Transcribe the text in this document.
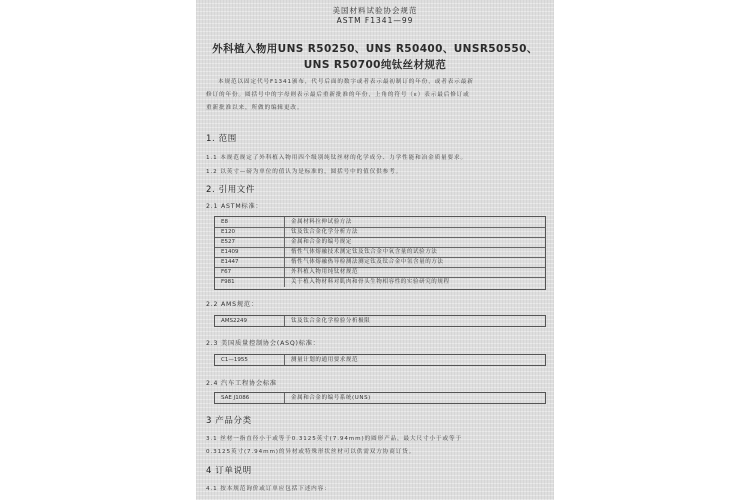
美国材料试验协会规范
ASTM F1341—99
外科植入物用UNS R50250、UNS R50400、UNSR50550、
UNS R50700纯钛丝材规范
本规范以固定代号F1341颁布，代号后面的数字或者表示最初制订的年份，或者表示最新
修订的年份。圆括号中的字母则表示最后重新批准的年份，上角的符号（ε）表示最后修订或
重新批准以来，所做的编辑更改。
1. 范围
1.1 本规范规定了外科植入物用四个级别纯钛丝材的化学成分、力学性能和冶金质量要求。
1.2 以英寸—磅为单位的值认为是标准的，圆括号中的值仅供参考。
2. 引用文件
2.1 ASTM标准：
E8	金属材料拉伸试验方法
E120	钛及钛合金化学分析方法
E527	金属和合金的编号规定
E1409	惰性气体熔融技术测定钛及钛合金中氧含量的试验方法
E1447	惰性气体熔融热导检测法测定钛及钛合金中氢含量的方法
F67	外科植入物用纯钛材规范
F981	关于植入物材料对肌肉和骨头生物相容性的实验研究的规程
2.2 AMS规范：
AMS2249	钛及钛合金化学检验分析极限
2.3 美国质量控制协会(ASQ)标准：
C1—1955	测量计划的通用要求规范
2.4 汽车工程协会标准
SAE J1086	金属和合金的编号系统(UNS)
3 产品分类
3.1 丝材一指直径小于或等于0.3125英寸(7.94mm)的圆形产品，最大尺寸小于或等于
0.3125英寸(7.94mm)的异材或特殊形状丝材可以供需双方协商订货。
4 订单说明
4.1 按本规范询价或订单应包括下述内容：
